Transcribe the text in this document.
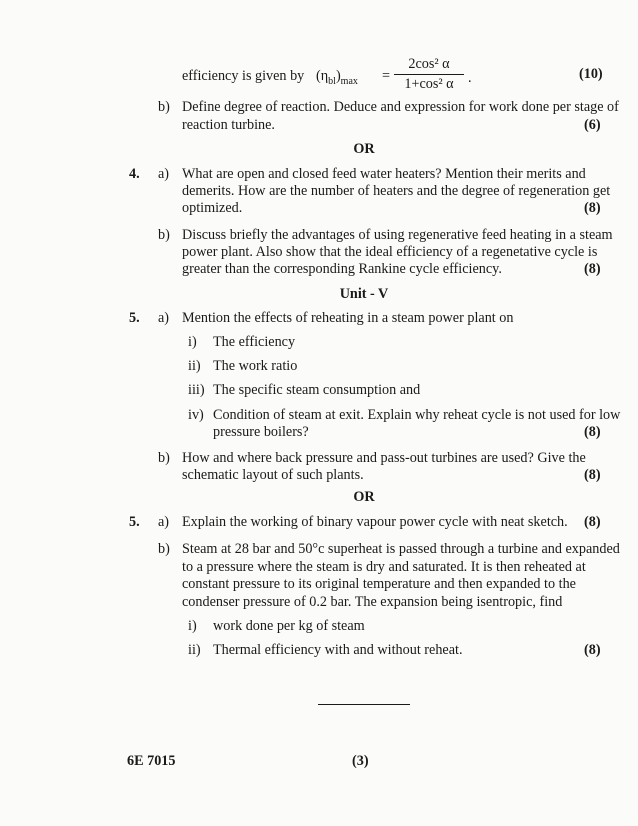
efficiency is given by $(\eta_{bl})_{max}$ =
2cos² α
1+cos² α	.	(10)
b) Define degree of reaction. Deduce and expression for work done per stage of
reaction turbine.	(6)
OR
4. a) What are open and closed feed water heaters? Mention their merits and
demerits. How are the number of heaters and the degree of regeneration get
optimized.	(8)
b) Discuss briefly the advantages of using regenerative feed heating in a steam
power plant. Also show that the ideal efficiency of a regenetative cycle is
greater than the corresponding Rankine cycle efficiency.	(8)
Unit - V
5. a) Mention the effects of reheating in a steam power plant on
i) The efficiency
ii) The work ratio
iii) The specific steam consumption and
iv) Condition of steam at exit. Explain why reheat cycle is not used for low
pressure boilers?	(8)
b) How and where back pressure and pass-out turbines are used? Give the
schematic layout of such plants.	(8)
OR
5. a) Explain the working of binary vapour power cycle with neat sketch. (8)
b) Steam at 28 bar and 50°c superheat is passed through a turbine and expanded
to a pressure where the steam is dry and saturated. It is then reheated at
constant pressure to its original temperature and then expanded to the
condenser pressure of 0.2 bar. The expansion being isentropic, find
i) work done per kg of steam
ii) Thermal efficiency with and without reheat.	(8)
6E 7015	(3)
